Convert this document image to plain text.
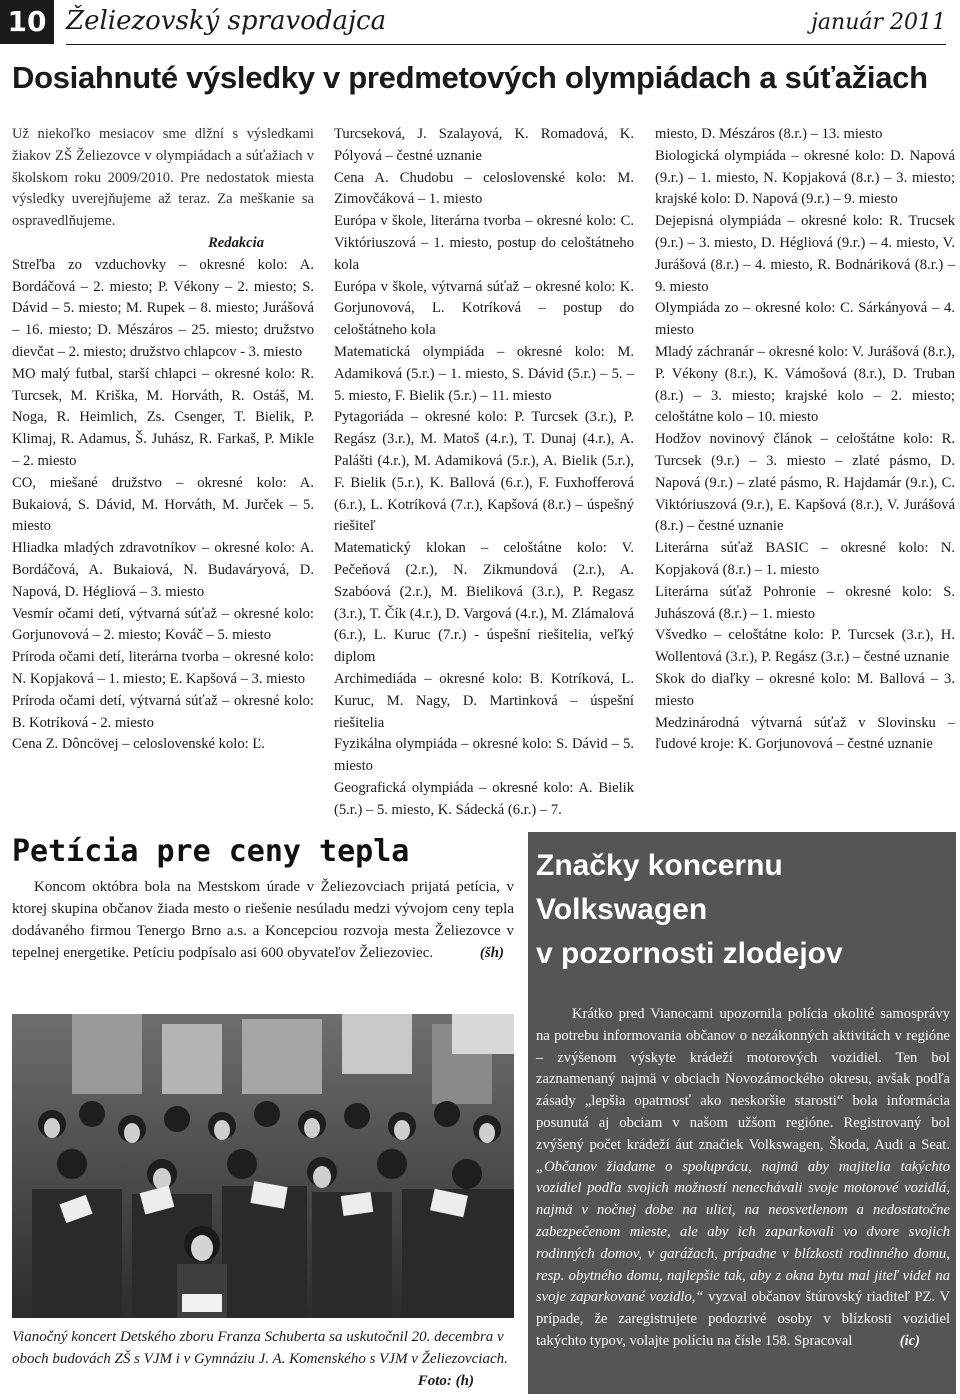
10 Želiezovský spravodajca	január 2011
Dosiahnuté výsledky v predmetových olympiádach a súťažiach

Už niekoľko mesiacov sme dlžní s výsledkami žiakov ZŠ Želiezovce v olympiádach a súťažiach v školskom roku 2009/2010. Pre nedostatok miesta výsledky uverejňujeme až teraz. Za meškanie sa ospravedlňujeme.

Redakcia

Streľba zo vzduchovky – okresné kolo: A. Bordáčová – 2. miesto; P. Vékony – 2. miesto; S. Dávid – 5. miesto; M. Rupek – 8. miesto; Jurášová – 16. miesto; D. Mészáros – 25. miesto; družstvo dievčat – 2. miesto; družstvo chlapcov - 3. miesto

MO malý futbal, starší chlapci – okresné kolo: R. Turcsek, M. Kriška, M. Horváth, R. Ostáš, M. Noga, R. Heimlich, Zs. Csenger, T. Bielik, P. Klimaj, R. Adamus, Š. Juhász, R. Farkaš, P. Mikle – 2. miesto

CO, miešané družstvo – okresné kolo: A. Bukaiová, S. Dávid, M. Horváth, M. Jurček – 5. miesto

Hliadka mladých zdravotníkov – okresné kolo: A. Bordáčová, A. Bukaiová, N. Budaváryová, D. Napová, D. Hégliová – 3. miesto

Vesmír očami detí, výtvarná súťaž – okresné kolo: Gorjunovová – 2. miesto; Kováč – 5. miesto

Príroda očami detí, literárna tvorba – okresné kolo: N. Kopjaková – 1. miesto; E. Kapšová – 3. miesto

Príroda očami detí, výtvarná súťaž – okresné kolo: B. Kotríková - 2. miesto

Cena Z. Dôncövej – celoslovenské kolo: Ľ.

Turcseková, J. Szalayová, K. Romadová, K. Pólyová – čestné uznanie

Cena A. Chudobu – celoslovenské kolo: M. Zimovčáková – 1. miesto

Európa v škole, literárna tvorba – okresné kolo: C. Viktóriuszová – 1. miesto, postup do celoštátneho kola

Európa v škole, výtvarná súťaž – okresné kolo: K. Gorjunovová, L. Kotríková – postup do celoštátneho kola

Matematická olympiáda – okresné kolo: M. Adamiková (5.r.) – 1. miesto, S. Dávid (5.r.) – 5. – 5. miesto, F. Bielik (5.r.) – 11. miesto

Pytagoriáda – okresné kolo: P. Turcsek (3.r.), P. Regász (3.r.), M. Matoš (4.r.), T. Dunaj (4.r.), A. Palášti (4.r.), M. Adamiková (5.r.), A. Bielik (5.r.), F. Bielik (5.r.), K. Ballová (6.r.), F. Fuxhofferová (6.r.), L. Kotríková (7.r.), Kapšová (8.r.) – úspešný riešiteľ

Matematický klokan – celoštátne kolo: V. Pečeňová (2.r.), N. Zikmundová (2.r.), A. Szabóová (2.r.), M. Bieliková (3.r.), P. Regasz (3.r.), T. Čík (4.r.), D. Vargová (4.r.), M. Zlámalová (6.r.), L. Kuruc (7.r.) - úspešní riešitelia, veľký diplom

Archimediáda – okresné kolo: B. Kotríková, L. Kuruc, M. Nagy, D. Martinková – úspešní riešitelia

Fyzikálna olympiáda – okresné kolo: S. Dávid – 5. miesto

Geografická olympiáda – okresné kolo: A. Bielik (5.r.) – 5. miesto, K. Sádecká (6.r.) – 7.

miesto, D. Mészáros (8.r.) – 13. miesto

Biologická olympiáda – okresné kolo: D. Napová (9.r.) – 1. miesto, N. Kopjaková (8.r.) – 3. miesto; krajské kolo: D. Napová (9.r.) – 9. miesto

Dejepisná olympiáda – okresné kolo: R. Trucsek (9.r.) – 3. miesto, D. Hégliová (9.r.) – 4. miesto, V. Jurášová (8.r.) – 4. miesto, R. Bodnáriková (8.r.) – 9. miesto

Olympiáda zo – okresné kolo: C. Sárkányová – 4. miesto

Mladý záchranár – okresné kolo: V. Jurášová (8.r.), P. Vékony (8.r.), K. Vámošová (8.r.), D. Truban (8.r.) – 3. miesto; krajské kolo – 2. miesto; celoštátne kolo – 10. miesto

Hodžov novinový článok – celoštátne kolo: R. Turcsek (9.r.) – 3. miesto – zlaté pásmo, D. Napová (9.r.) – zlaté pásmo, R. Hajdamár (9.r.), C. Viktóriuszová (9.r.), E. Kapšová (8.r.), V. Jurášová (8.r.) – čestné uznanie

Literárna súťaž BASIC – okresné kolo: N. Kopjaková (8.r.) – 1. miesto

Literárna súťaž Pohronie – okresné kolo: S. Juhászová (8.r.) – 1. miesto

Všvedko – celoštátne kolo: P. Turcsek (3.r.), H. Wollentová (3.r.), P. Regász (3.r.) – čestné uznanie

Skok do diaľky – okresné kolo: M. Ballová – 3. miesto

Medzinárodná výtvarná súťaž v Slovinsku – ľudové kroje: K. Gorjunovová – čestné uznanie

Petícia pre ceny tepla

Koncom októbra bola na Mestskom úrade v Želiezovciach prijatá petícia, v ktorej skupina občanov žiada mesto o riešenie nesúladu medzi vývojom ceny tepla dodávaného firmou Tenergo Brno a.s. a Koncepciou rozvoja mesta Želiezovce v tepelnej energetike. Petíciu podpísalo asi 600 obyvateľov Želiezoviec.	(šh)

Vianočný koncert Detského zboru Franza Schuberta sa uskutočnil 20. decembra v oboch budovách ZŠ s VJM i v Gymnáziu J. A. Komenského s VJM v Želiezovciach.
Foto: (h)

Značky koncernu
Volkswagen
v pozornosti zlodejov

Krátko pred Vianocami upozornila polícia okolité samosprávy na potrebu informovania občanov o nezákonných aktivitách v regióne – zvýšenom výskyte krádeží motorových vozidiel. Ten bol zaznamenaný najmä v obciach Novozámockého okresu, avšak podľa zásady „lepšia opatrnosť ako neskoršie starosti“ bola informácia posunutá aj obciam v našom užšom regióne. Registrovaný bol zvýšený počet krádeží áut značiek Volkswagen, Škoda, Audi a Seat. „Občanov žiadame o spoluprácu, najmä aby majitelia takýchto vozidiel podľa svojich možností nenechávali svoje motorové vozidlá, najmä v nočnej dobe na ulici, na neosvetlenom a nedostatočne zabezpečenom mieste, ale aby ich zaparkovali vo dvore svojich rodinných domov, v garážach, prípadne v blízkosti rodinného domu, resp. obytného domu, najlepšie tak, aby z okna bytu mal jiteľ videl na svoje zaparkované vozidlo,“ vyzval občanov štúrovský riaditeľ PZ. V prípade, že zaregistrujete podozrivé osoby v blízkosti vozidiel takýchto typov, volajte políciu na čísle 158. Spracoval	(ic)
